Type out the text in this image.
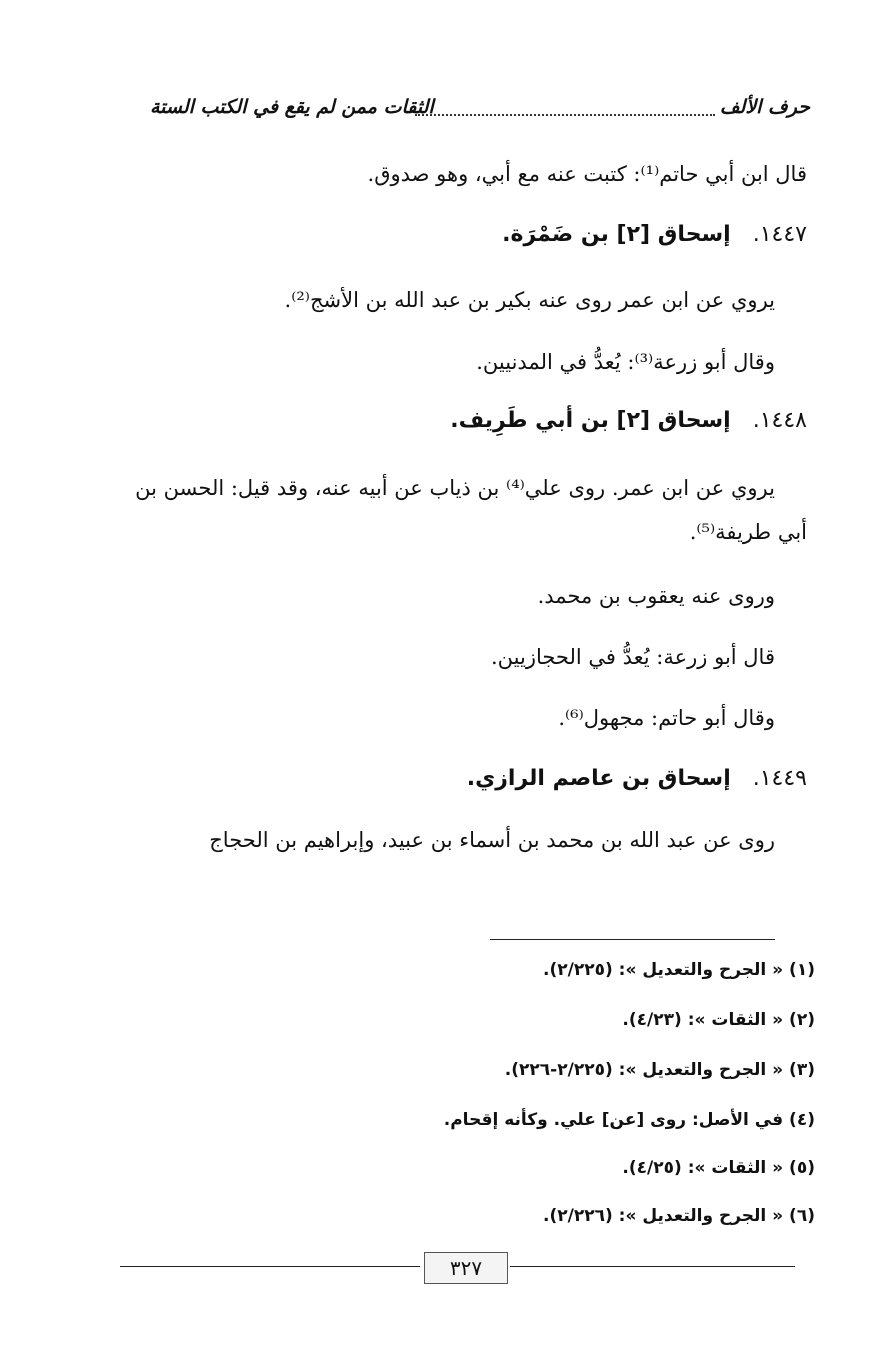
حرف الألف
الثقات ممن لم يقع في الكتب الستة
قال ابن أبي حاتم⁽¹⁾: كتبت عنه مع أبي، وهو صدوق.
١٤٤٧.إسحاق [٢] بن ضَمْرَة.
يروي عن ابن عمر روى عنه بكير بن عبد الله بن الأشج⁽²⁾.
وقال أبو زرعة⁽³⁾: يُعدُّ في المدنيين.
١٤٤٨.إسحاق [٢] بن أبي طَرِيف.
يروي عن ابن عمر. روى علي⁽⁴⁾ بن ذياب عن أبيه عنه، وقد قيل: الحسن بن
أبي طريفة⁽⁵⁾.
وروى عنه يعقوب بن محمد.
قال أبو زرعة: يُعدُّ في الحجازيين.
وقال أبو حاتم: مجهول⁽⁶⁾.
١٤٤٩.إسحاق بن عاصم الرازي.
روى عن عبد الله بن محمد بن أسماء بن عبيد، وإبراهيم بن الحجاج
(١) « الجرح والتعديل »: (٢/٢٢٥).
(٢) « الثقات »: (٤/٢٣).
(٣) « الجرح والتعديل »: (٢/٢٢٥-٢٢٦).
(٤) في الأصل: روى [عن] علي. وكأنه إقحام.
(٥) « الثقات »: (٤/٢٥).
(٦) « الجرح والتعديل »: (٢/٢٢٦).
٣٢٧
